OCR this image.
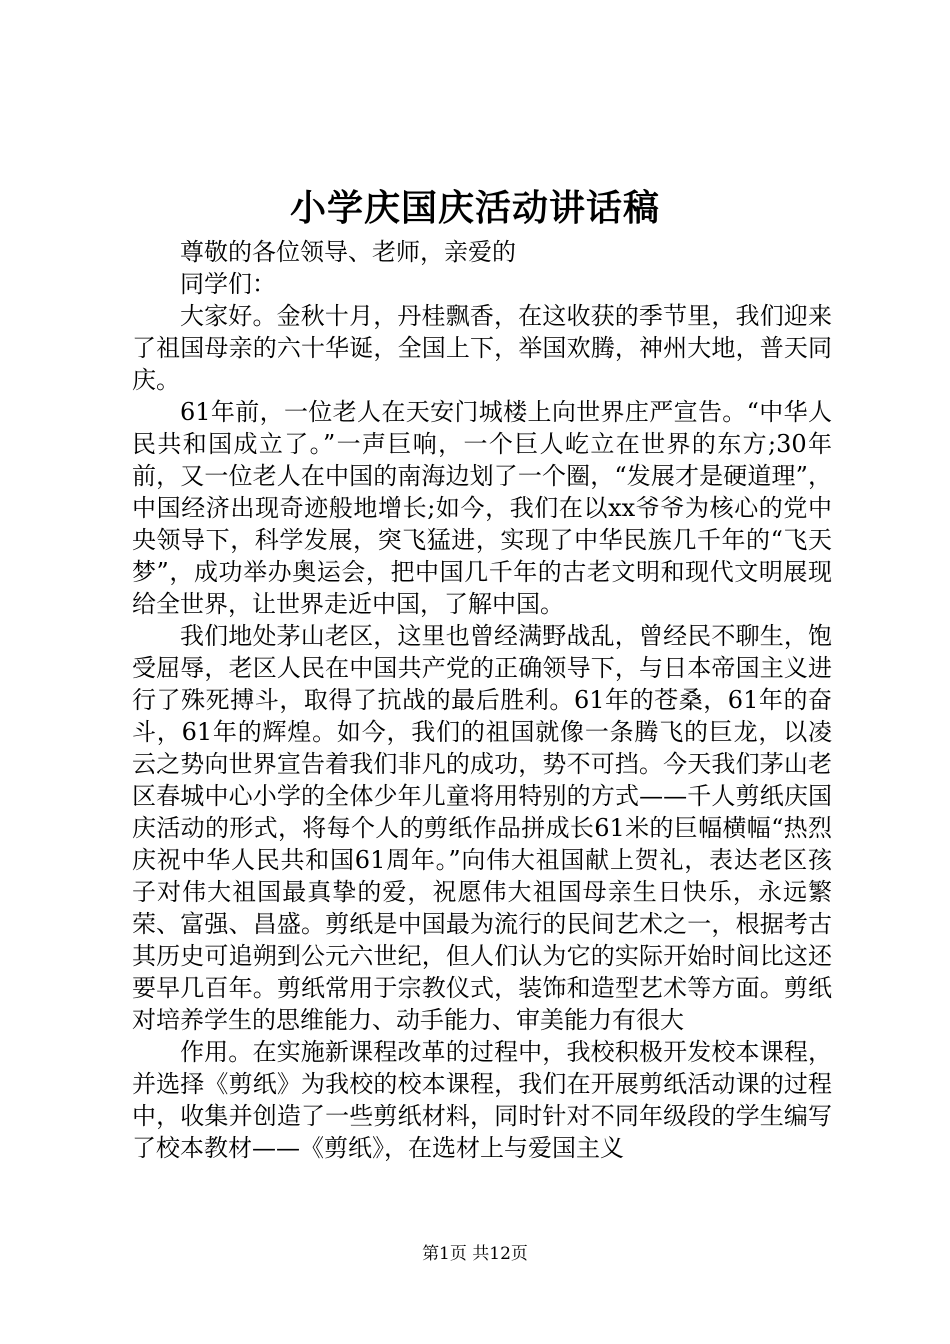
小学庆国庆活动讲话稿

尊敬的各位领导、老师，亲爱的

同学们：

大家好。金秋十月，丹桂飘香，在这收获的季节里，我们迎来了祖国母亲的六十华诞，全国上下，举国欢腾，神州大地，普天同庆。

61年前，一位老人在天安门城楼上向世界庄严宣告。“中华人民共和国成立了。”一声巨响，一个巨人屹立在世界的东方;30年前，又一位老人在中国的南海边划了一个圈，“发展才是硬道理”，中国经济出现奇迹般地增长;如今，我们在以xx爷爷为核心的党中央领导下，科学发展，突飞猛进，实现了中华民族几千年的“飞天梦”，成功举办奥运会，把中国几千年的古老文明和现代文明展现给全世界，让世界走近中国，了解中国。

我们地处茅山老区，这里也曾经满野战乱，曾经民不聊生，饱受屈辱，老区人民在中国共产党的正确领导下，与日本帝国主义进行了殊死搏斗，取得了抗战的最后胜利。61年的苍桑，61年的奋斗，61年的辉煌。如今，我们的祖国就像一条腾飞的巨龙，以凌云之势向世界宣告着我们非凡的成功，势不可挡。今天我们茅山老区春城中心小学的全体少年儿童将用特别的方式——千人剪纸庆国庆活动的形式，将每个人的剪纸作品拼成长61米的巨幅横幅“热烈庆祝中华人民共和国61周年。”向伟大祖国献上贺礼，表达老区孩子对伟大祖国最真挚的爱，祝愿伟大祖国母亲生日快乐，永远繁荣、富强、昌盛。剪纸是中国最为流行的民间艺术之一，根据考古其历史可追朔到公元六世纪，但人们认为它的实际开始时间比这还要早几百年。剪纸常用于宗教仪式，装饰和造型艺术等方面。剪纸对培养学生的思维能力、动手能力、审美能力有很大

作用。在实施新课程改革的过程中，我校积极开发校本课程，并选择《剪纸》为我校的校本课程，我们在开展剪纸活动课的过程中，收集并创造了一些剪纸材料，同时针对不同年级段的学生编写了校本教材——《剪纸》，在选材上与爱国主义

第1页 共12页
